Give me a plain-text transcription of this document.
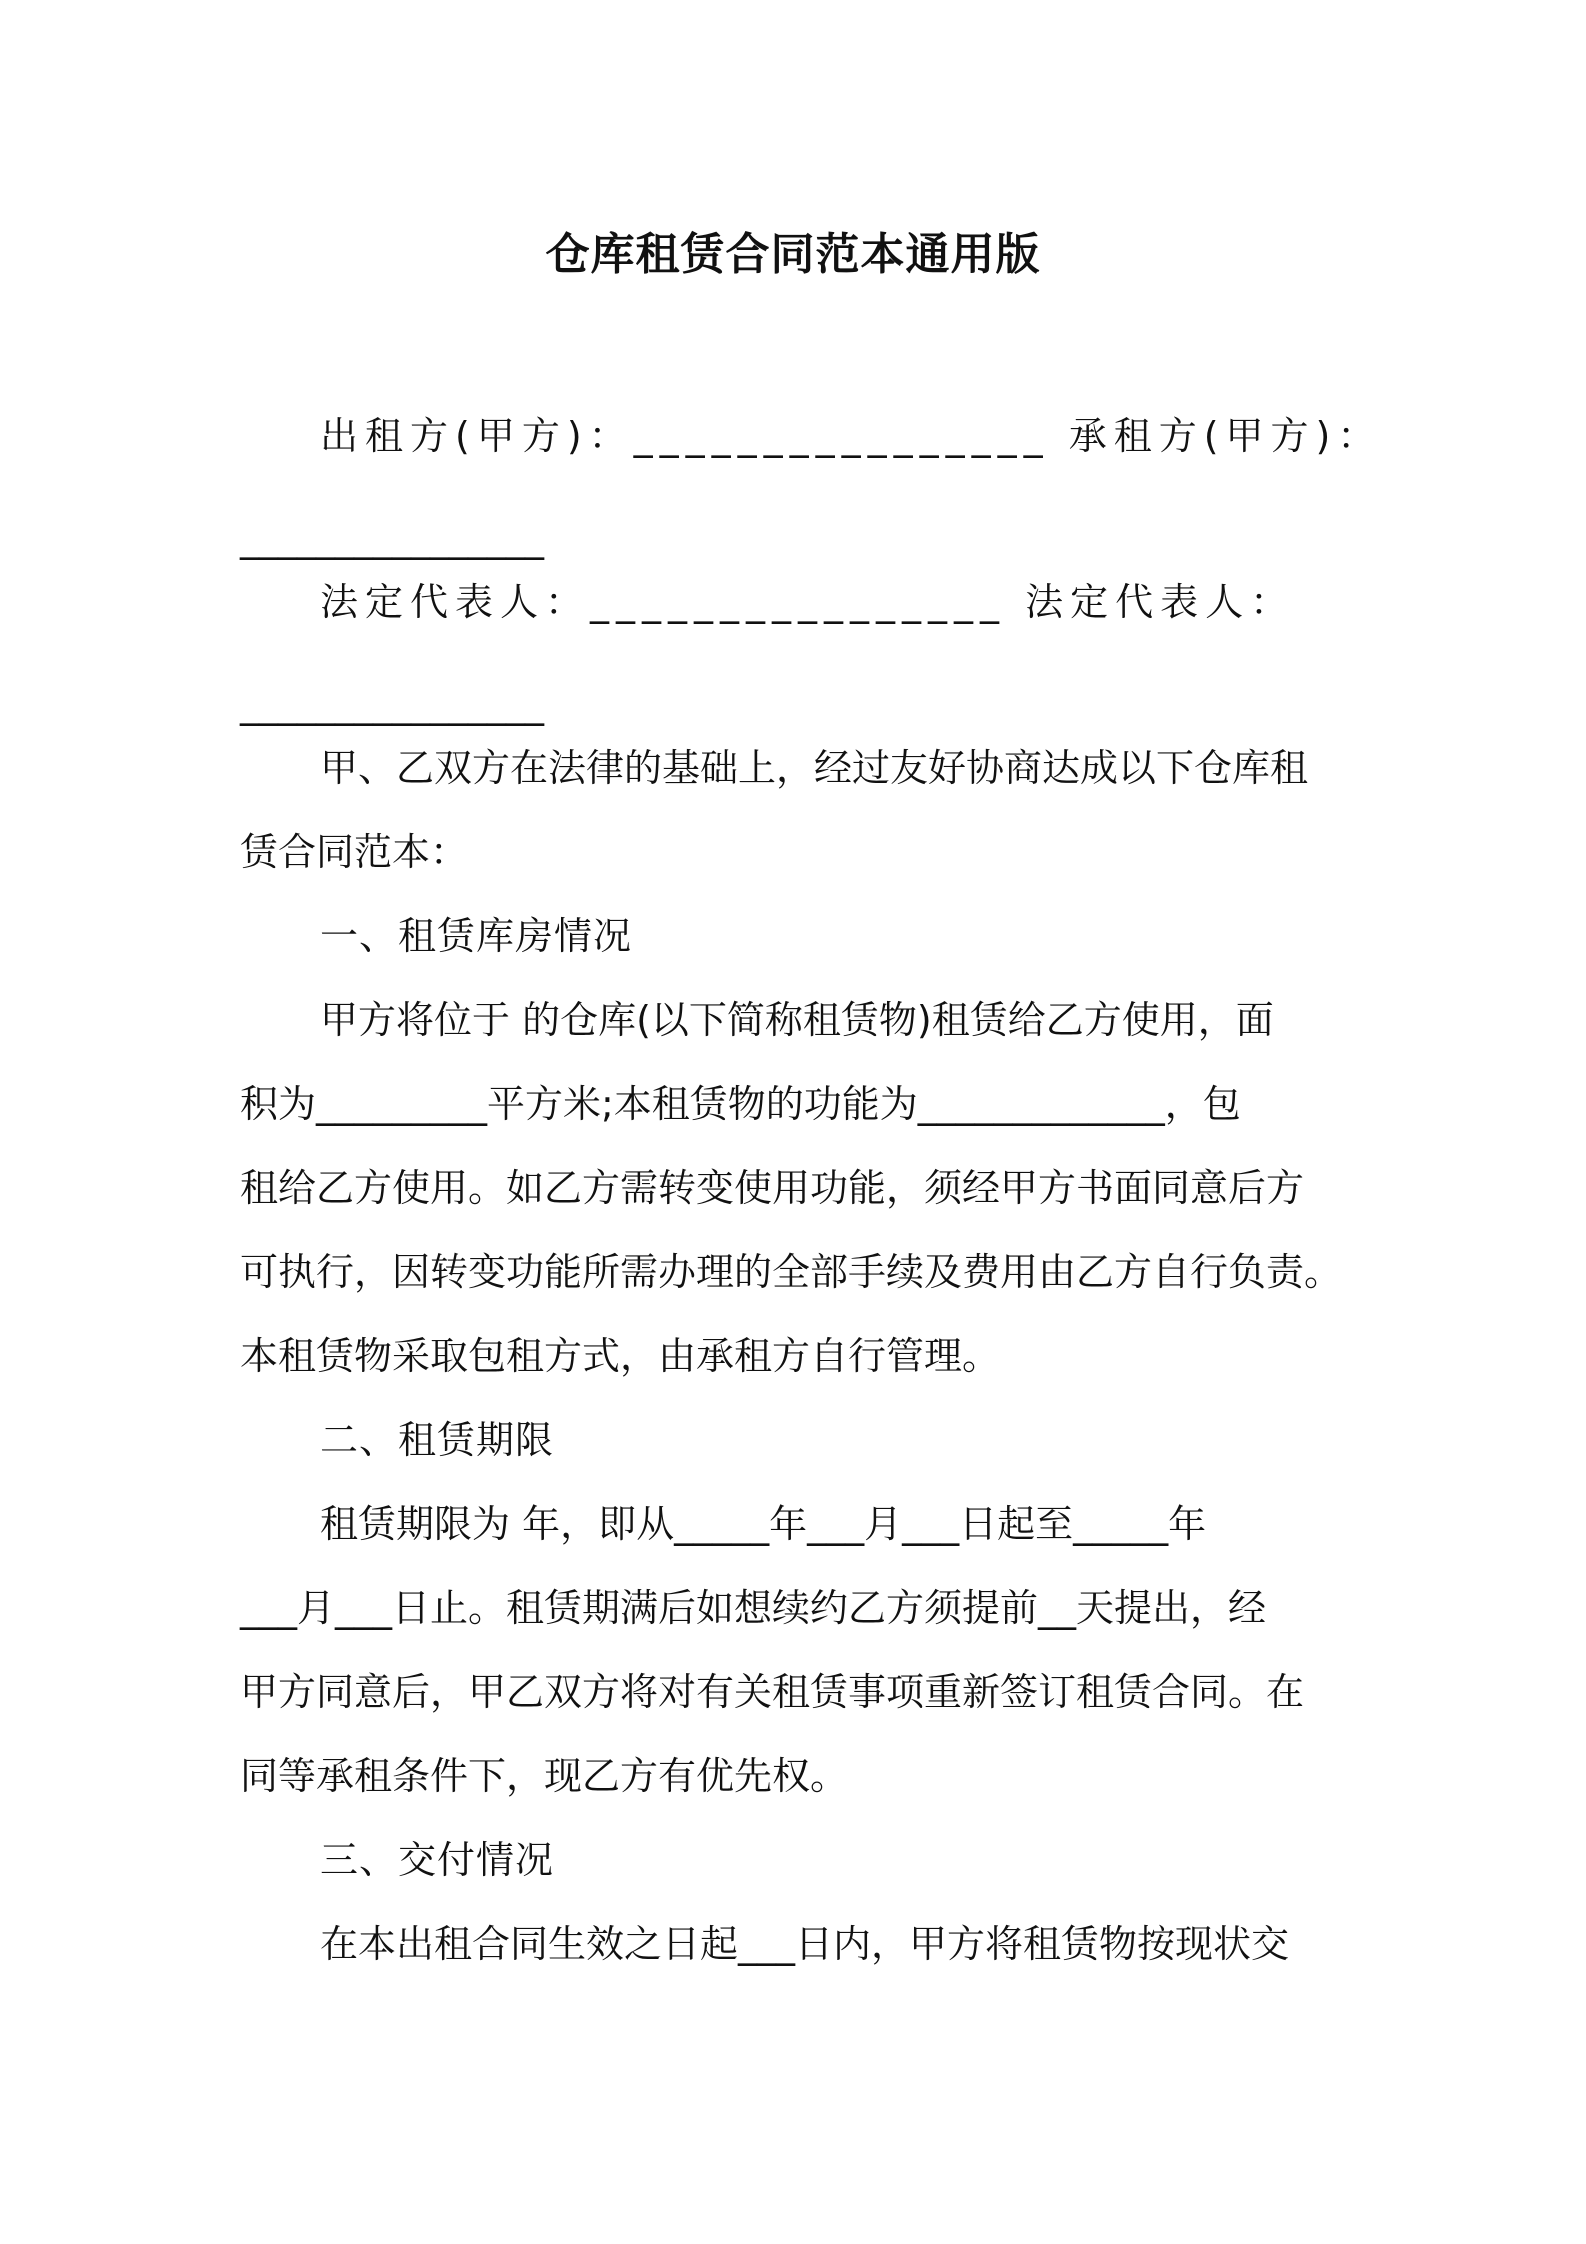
仓库租赁合同范本通用版
出租方(甲方)：________________ 承租方(甲方)：
________________
法定代表人：________________ 法定代表人：
________________
甲、乙双方在法律的基础上，经过友好协商达成以下仓库租
赁合同范本：
一、租赁库房情况
甲方将位于 的仓库(以下简称租赁物)租赁给乙方使用，面
积为_________平方米;本租赁物的功能为_____________，包
租给乙方使用。如乙方需转变使用功能，须经甲方书面同意后方
可执行，因转变功能所需办理的全部手续及费用由乙方自行负责。
本租赁物采取包租方式，由承租方自行管理。
二、租赁期限
租赁期限为 年，即从_____年___月___日起至_____年
___月___日止。租赁期满后如想续约乙方须提前__天提出，经
甲方同意后，甲乙双方将对有关租赁事项重新签订租赁合同。在
同等承租条件下，现乙方有优先权。
三、交付情况
在本出租合同生效之日起___日内，甲方将租赁物按现状交
